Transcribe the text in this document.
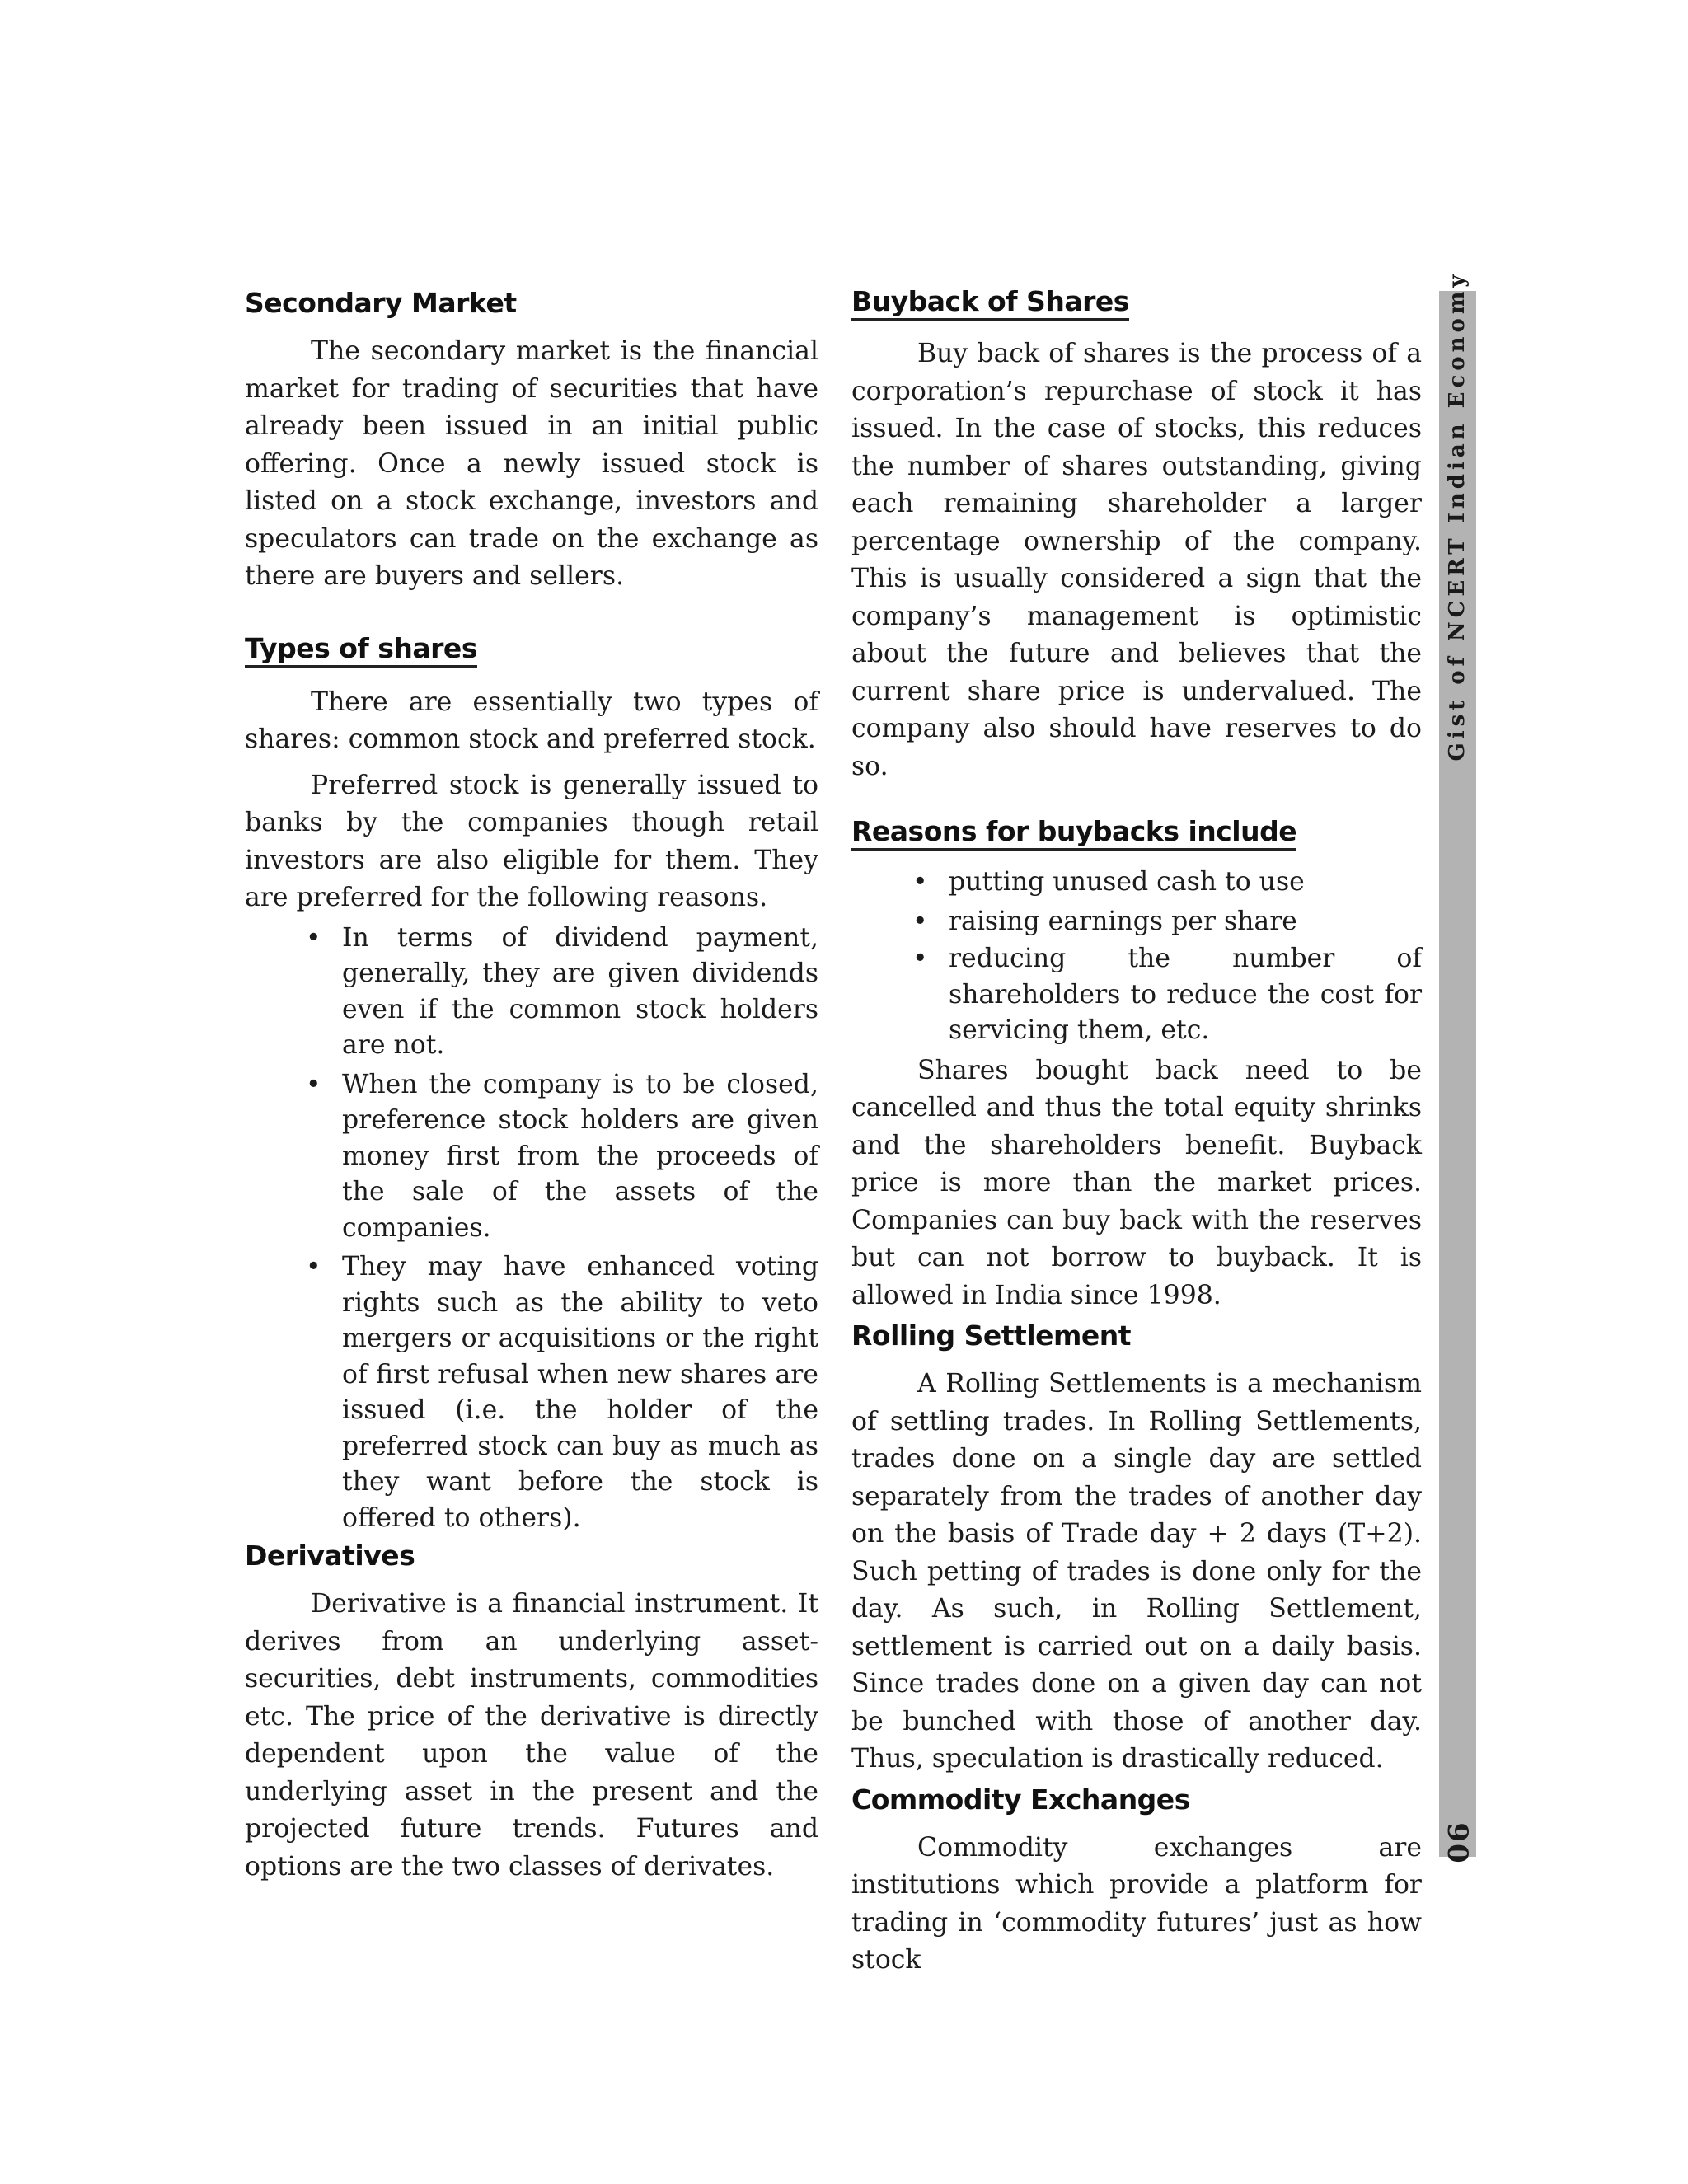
Secondary Market

The secondary market is the financial market for trading of securities that have already been issued in an initial public offering. Once a newly issued stock is listed on a stock exchange, investors and speculators can trade on the exchange as there are buyers and sellers.

Types of shares

There are essentially two types of shares: common stock and preferred stock.

Preferred stock is generally issued to banks by the companies though retail investors are also eligible for them. They are preferred for the following reasons.

• In terms of dividend payment, generally, they are given dividends even if the common stock holders are not.
• When the company is to be closed, preference stock holders are given money first from the proceeds of the sale of the assets of the companies.
• They may have enhanced voting rights such as the ability to veto mergers or acquisitions or the right of first refusal when new shares are issued (i.e. the holder of the preferred stock can buy as much as they want before the stock is offered to others).
Derivatives

Derivative is a financial instrument. It derives from an underlying asset- securities, debt instruments, commodities etc. The price of the derivative is directly dependent upon the value of the underlying asset in the present and the projected future trends. Futures and options are the two classes of derivates.

Buyback of Shares

Buy back of shares is the process of a corporation’s repurchase of stock it has issued. In the case of stocks, this reduces the number of shares outstanding, giving each remaining shareholder a larger percentage ownership of the company. This is usually considered a sign that the company’s management is optimistic about the future and believes that the current share price is undervalued. The company also should have reserves to do so.

Reasons for buybacks include
• putting unused cash to use
• raising earnings per share
• reducing the number of shareholders to reduce the cost for servicing them, etc.

Shares bought back need to be cancelled and thus the total equity shrinks and the shareholders benefit. Buyback price is more than the market prices. Companies can buy back with the reserves but can not borrow to buyback. It is allowed in India since 1998.

Rolling Settlement

A Rolling Settlements is a mechanism of settling trades. In Rolling Settlements, trades done on a single day are settled separately from the trades of another day on the basis of Trade day + 2 days (T+2). Such petting of trades is done only for the day. As such, in Rolling Settlement, settlement is carried out on a daily basis. Since trades done on a given day can not be bunched with those of another day. Thus, speculation is drastically reduced.

Commodity Exchanges

Commodity exchanges are institutions which provide a platform for trading in ‘commodity futures’ just as how stock

Gist of NCERT Indian Economy
90
